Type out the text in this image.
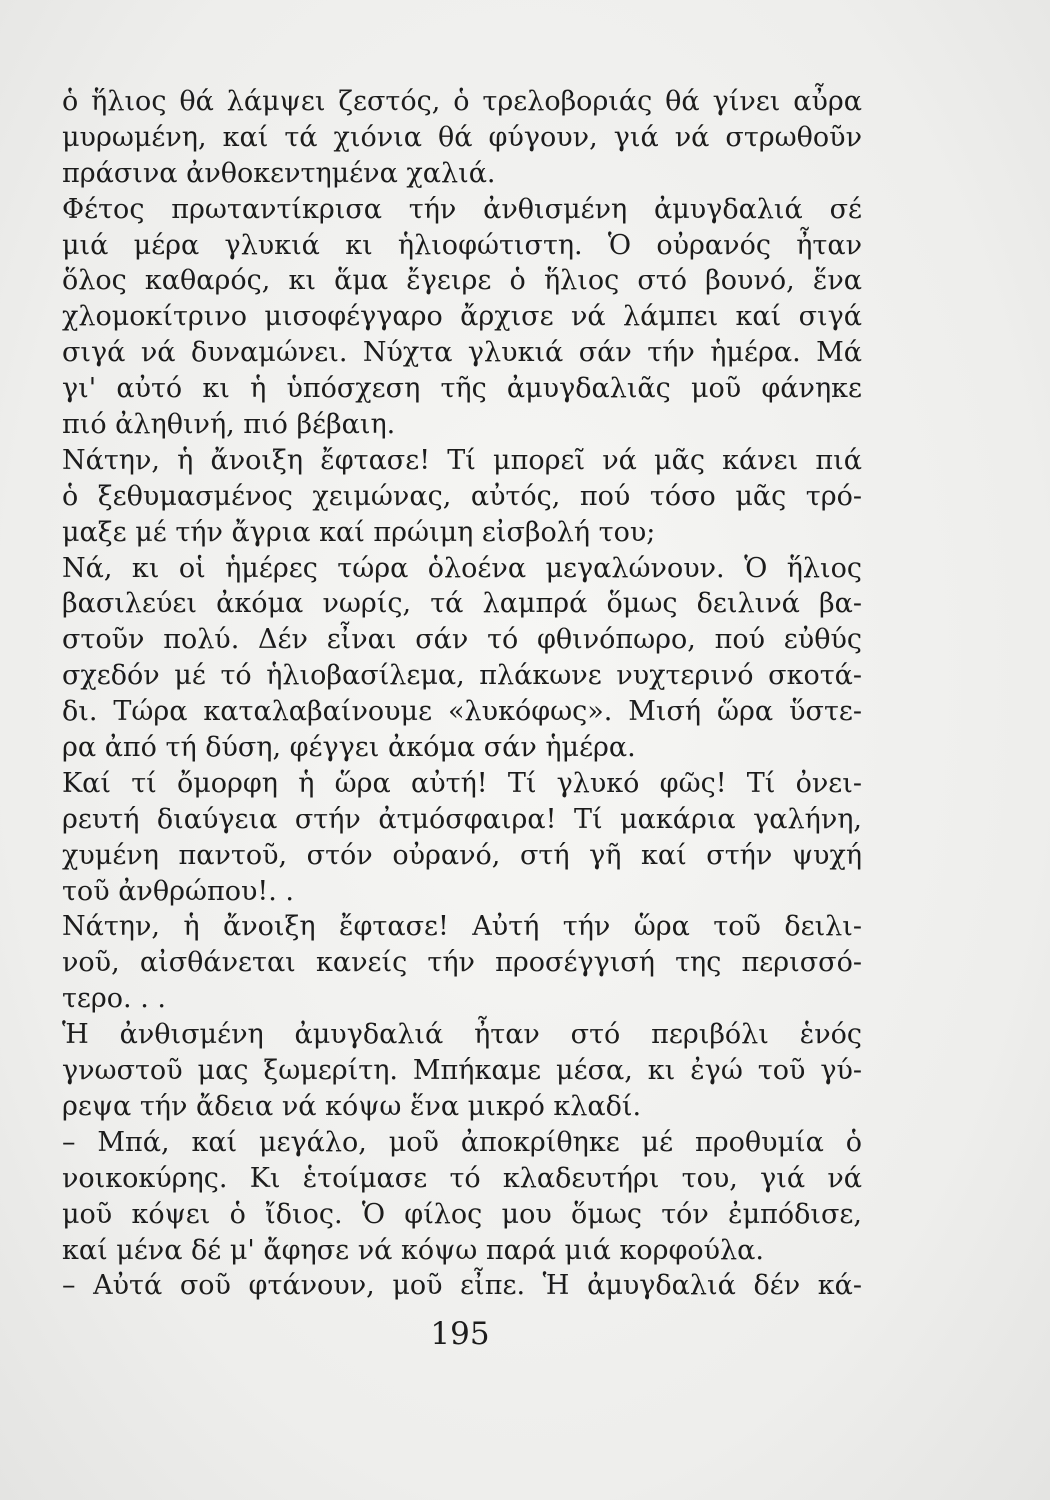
ὁ ἥλιος θά λάμψει ζεστός, ὁ τρελοβοριάς θά γίνει αὖρα
μυρωμένη, καί τά χιόνια θά φύγουν, γιά νά στρωθοῦν
πράσινα ἀνθοκεντημένα χαλιά.
Φέτος πρωταντίκρισα τήν ἀνθισμένη ἀμυγδαλιά σέ
μιά μέρα γλυκιά κι ἡλιοφώτιστη. Ὁ οὐρανός ἦταν
ὅλος καθαρός, κι ἅμα ἔγειρε ὁ ἥλιος στό βουνό, ἕνα
χλομοκίτρινο μισοφέγγαρο ἄρχισε νά λάμπει καί σιγά
σιγά νά δυναμώνει. Νύχτα γλυκιά σάν τήν ἡμέρα. Μά
γι' αὐτό κι ἡ ὑπόσχεση τῆς ἀμυγδαλιᾶς μοῦ φάνηκε
πιό ἀληθινή, πιό βέβαιη.
Νάτην, ἡ ἄνοιξη ἔφτασε! Τί μπορεῖ νά μᾶς κάνει πιά
ὁ ξεθυμασμένος χειμώνας, αὐτός, πού τόσο μᾶς τρό-
μαξε μέ τήν ἄγρια καί πρώιμη εἰσβολή του;
Νά, κι οἱ ἡμέρες τώρα ὁλοένα μεγαλώνουν. Ὁ ἥλιος
βασιλεύει ἀκόμα νωρίς, τά λαμπρά ὅμως δειλινά βα-
στοῦν πολύ. Δέν εἶναι σάν τό φθινόπωρο, πού εὐθύς
σχεδόν μέ τό ἡλιοβασίλεμα, πλάκωνε νυχτερινό σκοτά-
δι. Τώρα καταλαβαίνουμε «λυκόφως». Μισή ὥρα ὕστε-
ρα ἀπό τή δύση, φέγγει ἀκόμα σάν ἡμέρα.
Καί τί ὄμορφη ἡ ὥρα αὐτή! Τί γλυκό φῶς! Τί ὀνει-
ρευτή διαύγεια στήν ἀτμόσφαιρα! Τί μακάρια γαλήνη,
χυμένη παντοῦ, στόν οὐρανό, στή γῆ καί στήν ψυχή
τοῦ ἀνθρώπου!. .
Νάτην, ἡ ἄνοιξη ἔφτασε! Αὐτή τήν ὥρα τοῦ δειλι-
νοῦ, αἰσθάνεται κανείς τήν προσέγγισή της περισσό-
τερο. . .
Ἡ ἀνθισμένη ἀμυγδαλιά ἦταν στό περιβόλι ἑνός
γνωστοῦ μας ξωμερίτη. Μπήκαμε μέσα, κι ἐγώ τοῦ γύ-
ρεψα τήν ἄδεια νά κόψω ἕνα μικρό κλαδί.
– Μπά, καί μεγάλο, μοῦ ἀποκρίθηκε μέ προθυμία ὁ
νοικοκύρης. Κι ἑτοίμασε τό κλαδευτήρι του, γιά νά
μοῦ κόψει ὁ ἴδιος. Ὁ φίλος μου ὅμως τόν ἐμπόδισε,
καί μένα δέ μ' ἄφησε νά κόψω παρά μιά κορφούλα.
– Αὐτά σοῦ φτάνουν, μοῦ εἶπε. Ἡ ἀμυγδαλιά δέν κά-
195
